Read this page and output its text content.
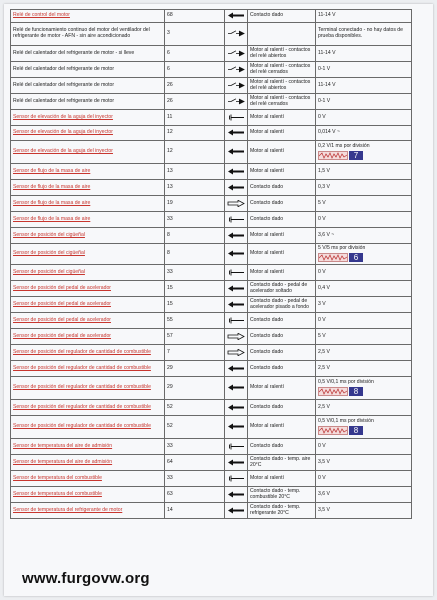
Relé de control del motor	68		Contacto dado	11-14 V

Relé de funcionamiento continuo del motor del ventilador del refrigerante de motor - AFN - sin aire acondicionado	3			Terminal conectado - no hay datos de prueba disponibles.

Relé del calentador del refrigerante de motor - si lleve	6		Motor al ralentí - contactos del relé abiertos	11-14 V

Relé del calentador del refrigerante de motor	6		Motor al ralentí - contactos del relé cerrados	0-1 V

Relé del calentador del refrigerante de motor	26		Motor al ralentí - contactos del relé abiertos	11-14 V

Relé del calentador del refrigerante de motor	26		Motor al ralentí - contactos del relé cerrados	0-1 V

Sensor de elevación de la aguja del inyector	11		Motor al ralentí	0 V

Sensor de elevación de la aguja del inyector	12		Motor al ralentí	0,014 V ~

Sensor de elevación de la aguja del inyector	12		Motor al ralentí	0,2 V/1 ms por división
7

Sensor de flujo de la masa de aire	13		Motor al ralentí	1,5 V

Sensor de flujo de la masa de aire	13		Contacto dado	0,3 V

Sensor de flujo de la masa de aire	19		Contacto dado	5 V

Sensor de flujo de la masa de aire	33		Contacto dado	0 V

Sensor de posición del cigüeñal	8		Motor al ralentí	3,6 V ~

Sensor de posición del cigüeñal	8		Motor al ralentí	5 V/5 ms por división
6

Sensor de posición del cigüeñal	33		Motor al ralentí	0 V

Sensor de posición del pedal de acelerador	15		Contacto dado - pedal de acelerador soltado	0,4 V

Sensor de posición del pedal de acelerador	15		Contacto dado - pedal de acelerador pisado a fondo	3 V

Sensor de posición del pedal de acelerador	55		Contacto dado	0 V

Sensor de posición del pedal de acelerador	57		Contacto dado	5 V

Sensor de posición del regulador de cantidad de combustible	7		Contacto dado	2,5 V

Sensor de posición del regulador de cantidad de combustible	29		Contacto dado	2,5 V

Sensor de posición del regulador de cantidad de combustible	29		Motor al ralentí	0,5 V/0,1 ms por división
8

Sensor de posición del regulador de cantidad de combustible	52		Contacto dado	2,5 V

Sensor de posición del regulador de cantidad de combustible	52		Motor al ralentí	0,5 V/0,1 ms por división
8

Sensor de temperatura del aire de admisión	33		Contacto dado	0 V

Sensor de temperatura del aire de admisión	64		Contacto dado - temp. aire 20°C	3,5 V

Sensor de temperatura del combustible	33		Motor al ralentí	0 V

Sensor de temperatura del combustible	63		Contacto dado - temp. combustible 20°C	3,6 V

Sensor de temperatura del refrigerante de motor	14		Contacto dado - temp. refrigerante 20°C	3,5 V
www.furgovw.org
